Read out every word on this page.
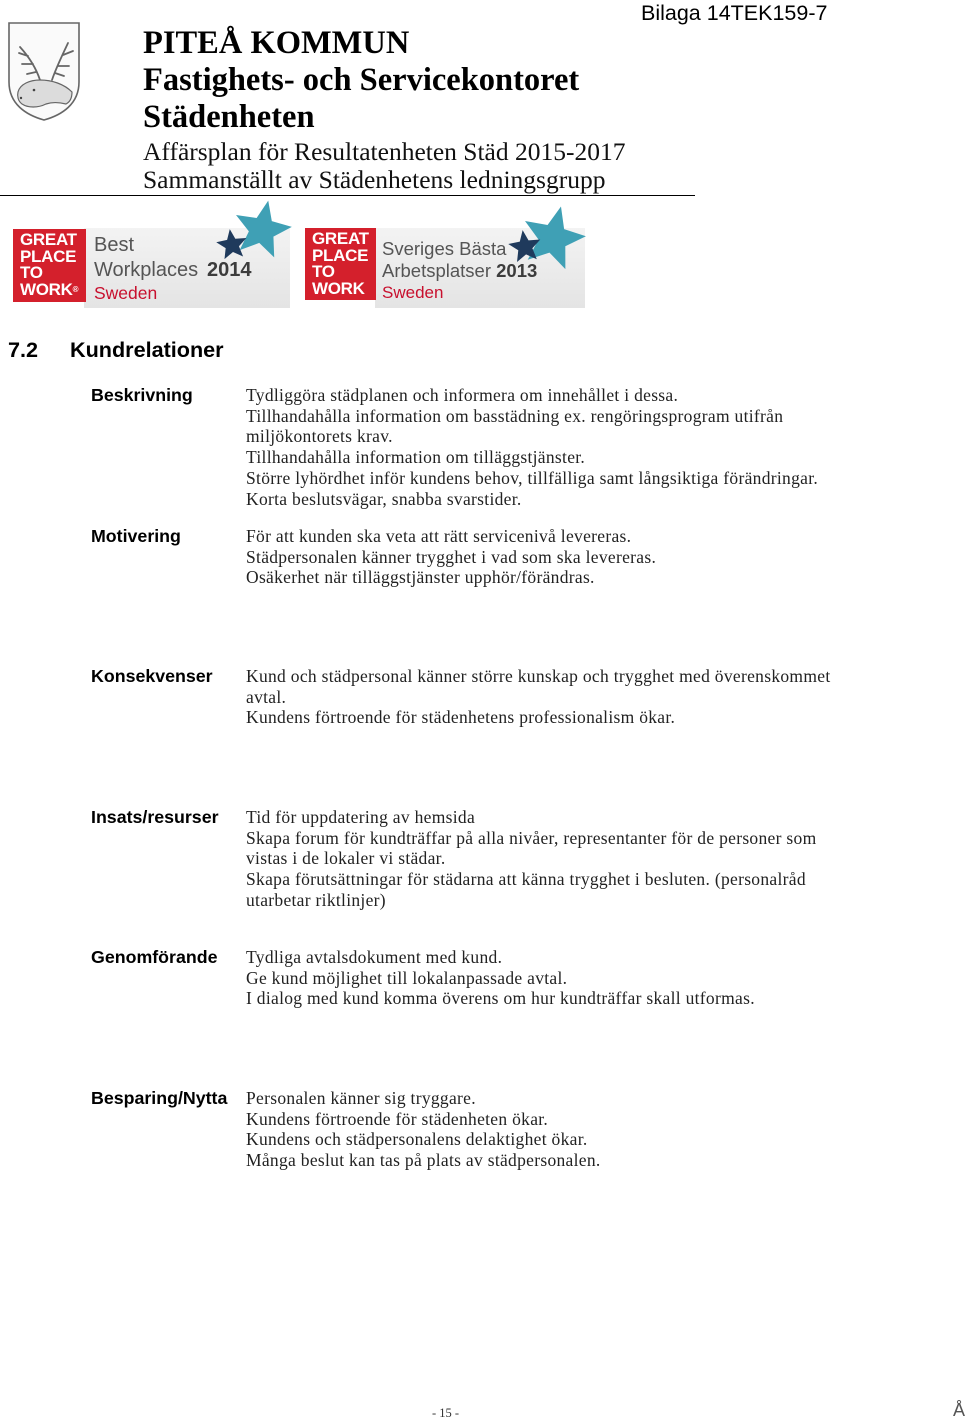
Bilaga 14TEK159-7
PITEÅ KOMMUN
Fastighets- och Servicekontoret
Städenheten
Affärsplan för Resultatenheten Städ 2015-2017
Sammanställt av Städenhetens ledningsgrupp
GREAT
PLACE
TO
WORK®
Best
Workplaces 2014
Sweden
GREAT
PLACE
TO
WORK
Sveriges Bästa
Arbetsplatser 2013
Sweden
7.2 Kundrelationer
Beskrivning	Tydliggöra städplanen och informera om innehållet i dessa.
Tillhandahålla information om basstädning ex. rengöringsprogram utifrån
miljökontorets krav.
Tillhandahålla information om tilläggstjänster.
Större lyhördhet inför kundens behov, tillfälliga samt långsiktiga förändringar.
Korta beslutsvägar, snabba svarstider.
Motivering	För att kunden ska veta att rätt servicenivå levereras.
Städpersonalen känner trygghet i vad som ska levereras.
Osäkerhet när tilläggstjänster upphör/förändras.
Konsekvenser Kund och städpersonal känner större kunskap och trygghet med överenskommet
avtal.
Kundens förtroende för städenhetens professionalism ökar.
Insats/resurser Tid för uppdatering av hemsida
Skapa forum för kundträffar på alla nivåer, representanter för de personer som
vistas i de lokaler vi städar.
Skapa förutsättningar för städarna att känna trygghet i besluten. (personalråd
utarbetar riktlinjer)
Genomförande Tydliga avtalsdokument med kund.
Ge kund möjlighet till lokalanpassade avtal.
I dialog med kund komma överens om hur kundträffar skall utformas.
Besparing/Nytta Personalen känner sig tryggare.
Kundens förtroende för städenheten ökar.
Kundens och städpersonalens delaktighet ökar.
Många beslut kan tas på plats av städpersonalen.
- 15 -	Å
